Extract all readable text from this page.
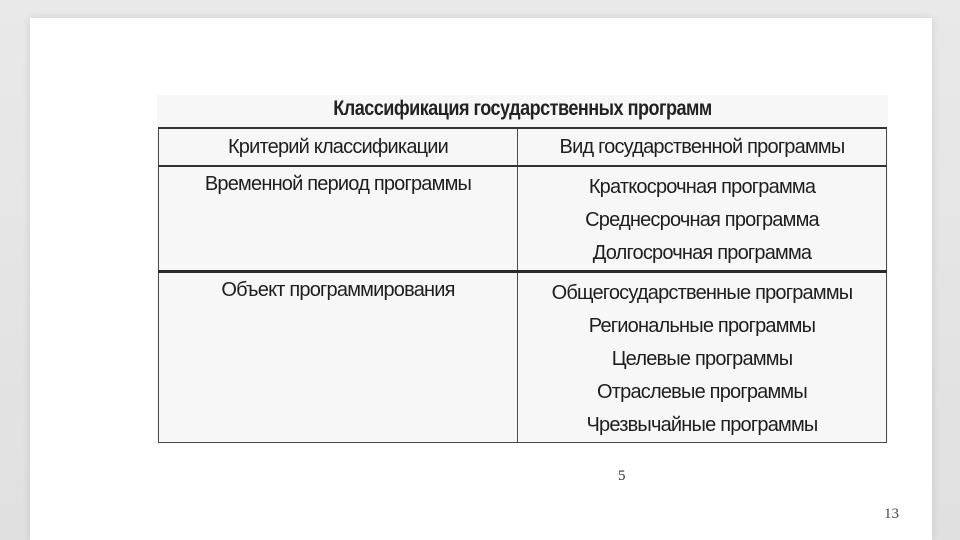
Классификация государственных программ
Критерий классификации	Вид государственной программы
Временной период программы	Краткосрочная программа
Среднесрочная программа
Долгосрочная программа

Объект программирования	Общегосударственные программы
Региональные программы
Целевые программы
Отраслевые программы
Чрезвычайные программы
5
13
